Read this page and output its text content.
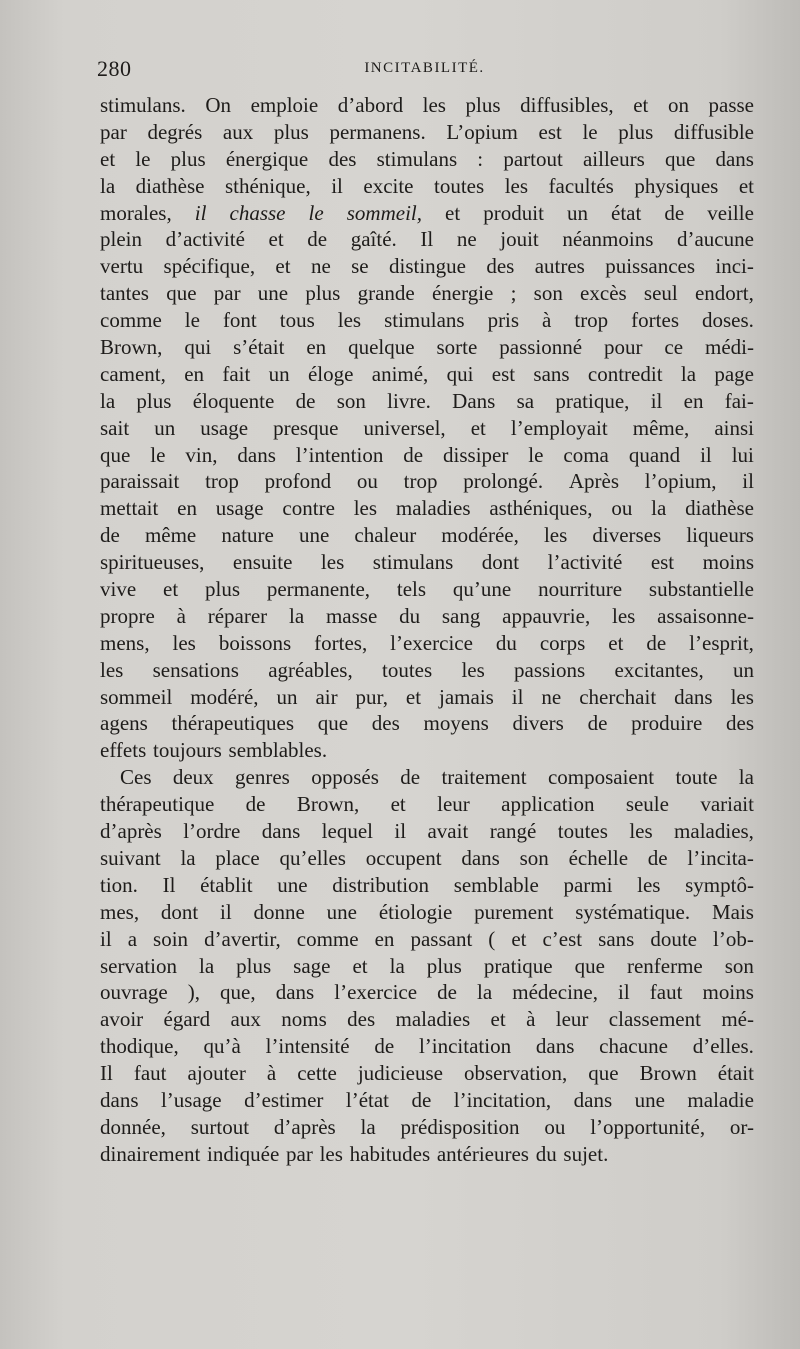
280	INCITABILITÉ.
stimulans. On emploie d’abord les plus diffusibles, et on passe
par degrés aux plus permanens. L’opium est le plus diffusible
et le plus énergique des stimulans : partout ailleurs que dans
la diathèse sthénique, il excite toutes les facultés physiques et
morales, il chasse le sommeil, et produit un état de veille
plein d’activité et de gaîté. Il ne jouit néanmoins d’aucune
vertu spécifique, et ne se distingue des autres puissances inci-
tantes que par une plus grande énergie ; son excès seul endort,
comme le font tous les stimulans pris à trop fortes doses.
Brown, qui s’était en quelque sorte passionné pour ce médi-
cament, en fait un éloge animé, qui est sans contredit la page
la plus éloquente de son livre. Dans sa pratique, il en fai-
sait un usage presque universel, et l’employait même, ainsi
que le vin, dans l’intention de dissiper le coma quand il lui
paraissait trop profond ou trop prolongé. Après l’opium, il
mettait en usage contre les maladies asthéniques, ou la diathèse
de même nature une chaleur modérée, les diverses liqueurs
spiritueuses, ensuite les stimulans dont l’activité est moins
vive et plus permanente, tels qu’une nourriture substantielle
propre à réparer la masse du sang appauvrie, les assaisonne-
mens, les boissons fortes, l’exercice du corps et de l’esprit,
les sensations agréables, toutes les passions excitantes, un
sommeil modéré, un air pur, et jamais il ne cherchait dans les
agens thérapeutiques que des moyens divers de produire des
effets toujours semblables.
Ces deux genres opposés de traitement composaient toute la
thérapeutique de Brown, et leur application seule variait
d’après l’ordre dans lequel il avait rangé toutes les maladies,
suivant la place qu’elles occupent dans son échelle de l’incita-
tion. Il établit une distribution semblable parmi les symptô-
mes, dont il donne une étiologie purement systématique. Mais
il a soin d’avertir, comme en passant ( et c’est sans doute l’ob-
servation la plus sage et la plus pratique que renferme son
ouvrage ), que, dans l’exercice de la médecine, il faut moins
avoir égard aux noms des maladies et à leur classement mé-
thodique, qu’à l’intensité de l’incitation dans chacune d’elles.
Il faut ajouter à cette judicieuse observation, que Brown était
dans l’usage d’estimer l’état de l’incitation, dans une maladie
donnée, surtout d’après la prédisposition ou l’opportunité, or-
dinairement indiquée par les habitudes antérieures du sujet.
